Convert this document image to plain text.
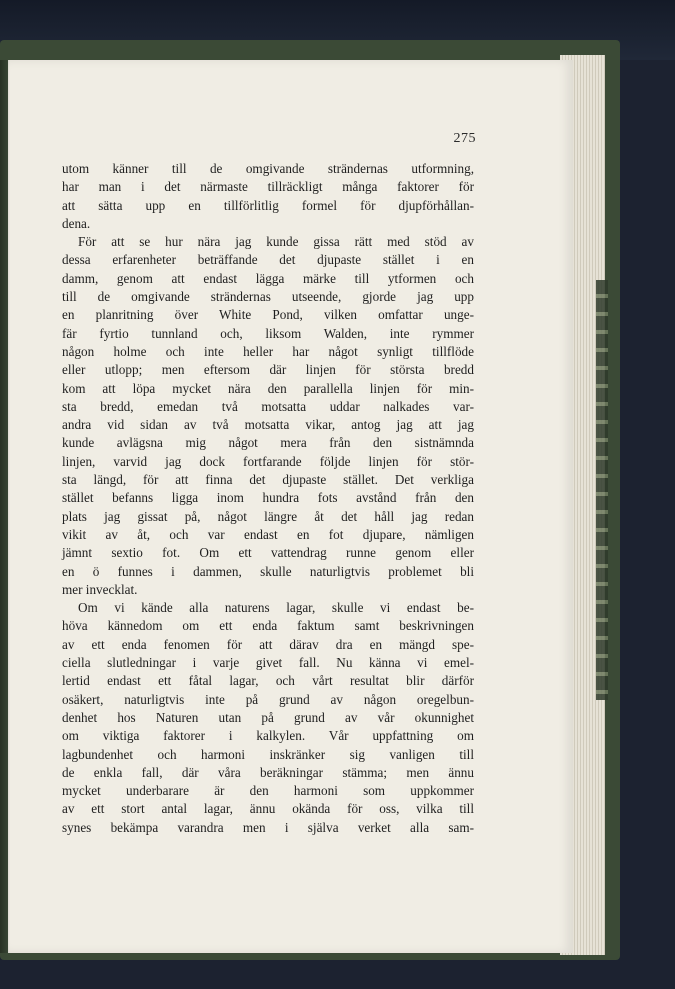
275
utom känner till de omgivande strändernas utformning,
har man i det närmaste tillräckligt många faktorer för
att sätta upp en tillförlitlig formel för djupförhållan-
dena.
För att se hur nära jag kunde gissa rätt med stöd av
dessa erfarenheter beträffande det djupaste stället i en
damm, genom att endast lägga märke till ytformen och
till de omgivande strändernas utseende, gjorde jag upp
en planritning över White Pond, vilken omfattar unge-
fär fyrtio tunnland och, liksom Walden, inte rymmer
någon holme och inte heller har något synligt tillflöde
eller utlopp; men eftersom där linjen för största bredd
kom att löpa mycket nära den parallella linjen för min-
sta bredd, emedan två motsatta uddar nalkades var-
andra vid sidan av två motsatta vikar, antog jag att jag
kunde avlägsna mig något mera från den sistnämnda
linjen, varvid jag dock fortfarande följde linjen för stör-
sta längd, för att finna det djupaste stället. Det verkliga
stället befanns ligga inom hundra fots avstånd från den
plats jag gissat på, något längre åt det håll jag redan
vikit av åt, och var endast en fot djupare, nämligen
jämnt sextio fot. Om ett vattendrag runne genom eller
en ö funnes i dammen, skulle naturligtvis problemet bli
mer invecklat.
Om vi kände alla naturens lagar, skulle vi endast be-
höva kännedom om ett enda faktum samt beskrivningen
av ett enda fenomen för att därav dra en mängd spe-
ciella slutledningar i varje givet fall. Nu känna vi emel-
lertid endast ett fåtal lagar, och vårt resultat blir därför
osäkert, naturligtvis inte på grund av någon oregelbun-
denhet hos Naturen utan på grund av vår okunnighet
om viktiga faktorer i kalkylen. Vår uppfattning om
lagbundenhet och harmoni inskränker sig vanligen till
de enkla fall, där våra beräkningar stämma; men ännu
mycket underbarare är den harmoni som uppkommer
av ett stort antal lagar, ännu okända för oss, vilka till
synes bekämpa varandra men i själva verket alla sam-
